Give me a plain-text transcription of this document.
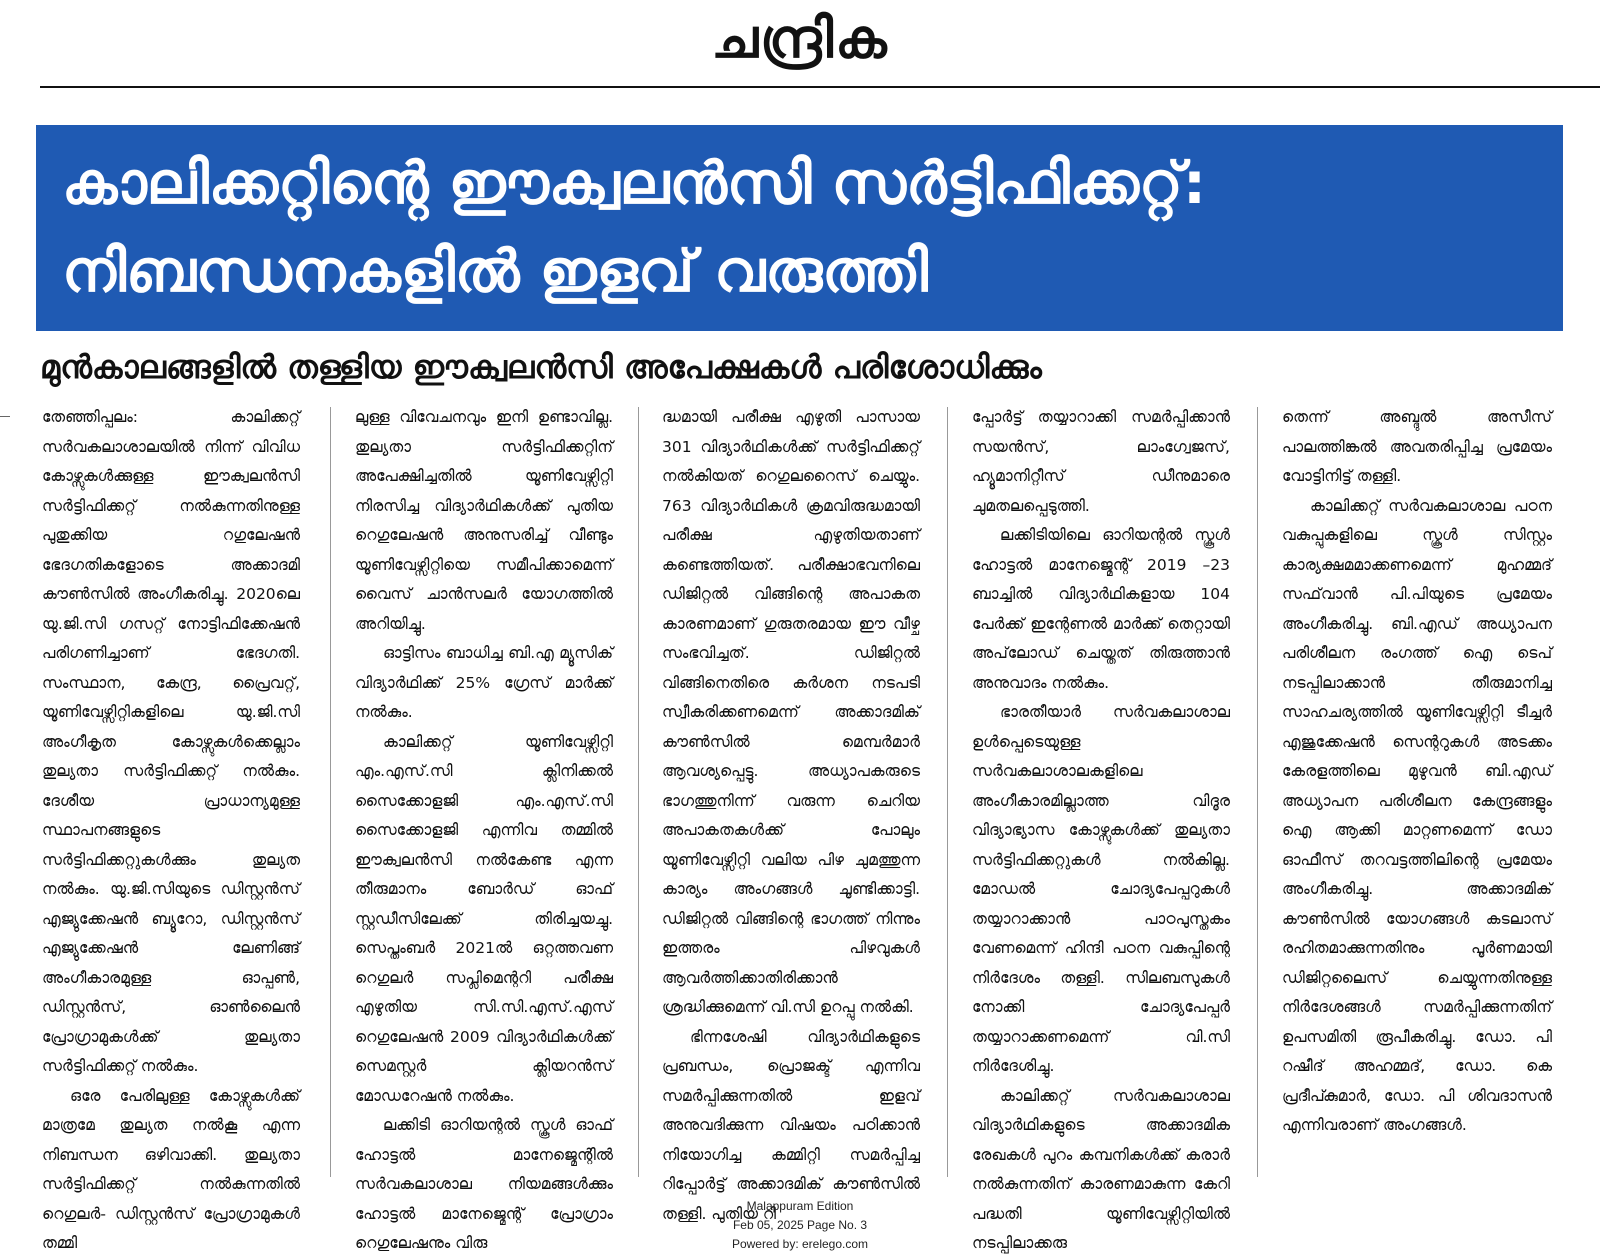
ചന്ദ്രിക
കാലിക്കറ്റിന്റെ ഈക്വലൻസി സർട്ടിഫിക്കറ്റ്:
നിബന്ധനകളിൽ ഇളവ് വരുത്തി
മുൻകാലങ്ങളിൽ തള്ളിയ ഈക്വലൻസി അപേക്ഷകൾ പരിശോധിക്കും

തേഞ്ഞിപ്പലം: കാലിക്കറ്റ് സർവകലാശാലയിൽ നിന്ന് വിവിധ കോഴ്സുകൾക്കുള്ള ഈക്വലൻസി സർട്ടിഫിക്കറ്റ് നൽകുന്നതിനുള്ള പുതുക്കിയ റഗുലേഷൻ ഭേദഗതികളോടെ അക്കാദമി കൗൺസിൽ അംഗീകരിച്ചു. 2020ലെ യു.ജി.സി ഗസറ്റ് നോട്ടിഫിക്കേഷൻ പരിഗണിച്ചാണ് ഭേദഗതി. സംസ്ഥാന, കേന്ദ്ര, പ്രൈവറ്റ്, യൂണിവേഴ്സിറ്റികളിലെ യു.ജി.സി അംഗീകൃത കോഴ്സുകൾക്കെല്ലാം തുല്യതാ സർട്ടിഫിക്കറ്റ് നൽകും. ദേശീയ പ്രാധാന്യമുള്ള സ്ഥാപനങ്ങളുടെ സർട്ടിഫിക്കറ്റുകൾക്കും തുല്യത നൽകും. യു.ജി.സിയുടെ ഡിസ്റ്റൻസ് എജ്യുക്കേഷൻ ബ്യൂറോ, ഡിസ്റ്റൻസ് എജ്യുക്കേഷൻ ലേണിങ്ങ് അംഗീകാരമുള്ള ഓപ്പൺ, ഡിസ്റ്റൻസ്, ഓൺലൈൻ പ്രോഗ്രാമുകൾക്ക് തുല്യതാ സർട്ടിഫിക്കറ്റ് നൽകും.

ഒരേ പേരിലുള്ള കോഴ്സുകൾക്ക് മാത്രമേ തുല്യത നൽകൂ എന്ന നിബന്ധന ഒഴിവാക്കി. തുല്യതാ സർട്ടിഫിക്കറ്റ് നൽകുന്നതിൽ റെഗുലർ- ഡിസ്റ്റൻസ് പ്രോഗ്രാമുകൾ തമ്മി

ലുള്ള വിവേചനവും ഇനി ഉണ്ടാവില്ല. തുല്യതാ സർട്ടിഫിക്കറ്റിന് അപേക്ഷിച്ചതിൽ യൂണിവേഴ്സിറ്റി നിരസിച്ച വിദ്യാർഥികൾക്ക് പുതിയ റെഗുലേഷൻ അനുസരിച്ച് വീണ്ടും യൂണിവേഴ്സിറ്റിയെ സമീപിക്കാമെന്ന് വൈസ് ചാൻസലർ യോഗത്തിൽ അറിയിച്ചു.

ഓട്ടിസം ബാധിച്ച ബി.എ മ്യൂസിക് വിദ്യാർഥിക്ക് 25% ഗ്രേസ് മാർക്ക് നൽകും.

കാലിക്കറ്റ് യൂണിവേഴ്സിറ്റി എം.എസ്.സി ക്ലിനിക്കൽ സൈക്കോളജി എം.എസ്.സി സൈക്കോളജി എന്നിവ തമ്മിൽ ഈക്വലൻസി നൽകേണ്ട എന്ന തീരുമാനം ബോർഡ് ഓഫ് സ്റ്റഡീസിലേക്ക് തിരിച്ചയച്ചു. സെപ്തംബർ 2021ൽ ഒറ്റത്തവണ റെഗുലർ സപ്ലിമെന്ററി പരീക്ഷ എഴുതിയ സി.സി.എസ്.എസ് റെഗുലേഷൻ 2009 വിദ്യാർഥികൾക്ക് സെമസ്റ്റർ ക്ലിയറൻസ് മോഡറേഷൻ നൽകും.

ലക്കിടി ഓറിയന്റൽ സ്കൂൾ ഓഫ് ഹോട്ടൽ മാനേജ്മെന്റിൽ സർവകലാശാല നിയമങ്ങൾക്കും ഹോട്ടൽ മാനേജ്മെന്റ് പ്രോഗ്രാം റെഗുലേഷനും വിരു

ദ്ധമായി പരീക്ഷ എഴുതി പാസായ 301 വിദ്യാർഥികൾക്ക് സർട്ടിഫിക്കറ്റ് നൽകിയത് റെഗുലറൈസ് ചെയ്യും. 763 വിദ്യാർഥികൾ ക്രമവിരുദ്ധമായി പരീക്ഷ എഴുതിയതാണ് കണ്ടെത്തിയത്. പരീക്ഷാഭവനിലെ ഡിജിറ്റൽ വിങ്ങിന്റെ അപാകത കാരണമാണ് ഗുരുതരമായ ഈ വീഴ്ച സംഭവിച്ചത്. ഡിജിറ്റൽ വിങ്ങിനെതിരെ കർശന നടപടി സ്വീകരിക്കണമെന്ന് അക്കാദമിക് കൗൺസിൽ മെമ്പർമാർ ആവശ്യപ്പെട്ടു. അധ്യാപകരുടെ ഭാഗത്തുനിന്ന് വരുന്ന ചെറിയ അപാകതകൾക്ക് പോലും യൂണിവേഴ്സിറ്റി വലിയ പിഴ ചുമത്തുന്ന കാര്യം അംഗങ്ങൾ ചൂണ്ടിക്കാട്ടി. ഡിജിറ്റൽ വിങ്ങിന്റെ ഭാഗത്ത് നിന്നും ഇത്തരം പിഴവുകൾ ആവർത്തിക്കാതിരിക്കാൻ ശ്രദ്ധിക്കുമെന്ന് വി.സി ഉറപ്പു നൽകി.

ഭിന്നശേഷി വിദ്യാർഥികളുടെ പ്രബന്ധം, പ്രൊജക്ട് എന്നിവ സമർപ്പിക്കുന്നതിൽ ഇളവ് അനുവദിക്കുന്ന വിഷയം പഠിക്കാൻ നിയോഗിച്ച കമ്മിറ്റി സമർപ്പിച്ച റിപ്പോർട്ട് അക്കാദമിക് കൗൺസിൽ തള്ളി. പുതിയ റി

പ്പോർട്ട് തയ്യാറാക്കി സമർപ്പിക്കാൻ സയൻസ്, ലാംഗ്വേജസ്, ഹ്യൂമാനിറ്റീസ് ഡീനുമാരെ ചുമതലപ്പെടുത്തി.

ലക്കിടിയിലെ ഓറിയന്റൽ സ്കൂൾ ഹോട്ടൽ മാനേജ്മെന്റ് 2019 –23 ബാച്ചിൽ വിദ്യാർഥികളായ 104 പേർക്ക് ഇന്റേണൽ മാർക്ക് തെറ്റായി അപ്‌ലോഡ് ചെയ്തത് തിരുത്താൻ അനുവാദം നൽകും.

ഭാരതീയാർ സർവകലാശാല ഉൾപ്പെടെയുള്ള സർവകലാശാലകളിലെ അംഗീകാരമില്ലാത്ത വിദൂര വിദ്യാഭ്യാസ കോഴ്സുകൾക്ക് തുല്യതാ സർട്ടിഫിക്കറ്റുകൾ നൽകില്ല. മോഡൽ ചോദ്യപേപ്പറുകൾ തയ്യാറാക്കാൻ പാഠപുസ്തകം വേണമെന്ന് ഹിന്ദി പഠന വകുപ്പിന്റെ നിർദേശം തള്ളി. സിലബസുകൾ നോക്കി ചോദ്യപേപ്പർ തയ്യാറാക്കണമെന്ന് വി.സി നിർദേശിച്ചു.

കാലിക്കറ്റ് സർവകലാശാല വിദ്യാർഥികളുടെ അക്കാദമിക രേഖകൾ പുറം കമ്പനികൾക്ക് കരാർ നൽകുന്നതിന് കാരണമാകുന്ന കേറി പദ്ധതി യൂണിവേഴ്സിറ്റിയിൽ നടപ്പിലാക്കരു

തെന്ന് അബ്ദുൽ അസീസ് പാലത്തിങ്കൽ അവതരിപ്പിച്ച പ്രമേയം വോട്ടിനിട്ട് തള്ളി.

കാലിക്കറ്റ് സർവകലാശാല പഠന വകുപ്പുകളിലെ സ്കൂൾ സിസ്റ്റം കാര്യക്ഷമമാക്കണമെന്ന് മുഹമ്മദ് സഫ്‌വാൻ പി.പിയുടെ പ്രമേയം അംഗീകരിച്ചു. ബി.എഡ് അധ്യാപന പരിശീലന രംഗത്ത് ഐ ടെപ് നടപ്പിലാക്കാൻ തീരുമാനിച്ച സാഹചര്യത്തിൽ യൂണിവേഴ്സിറ്റി ടീച്ചർ എജുക്കേഷൻ സെന്ററുകൾ അടക്കം കേരളത്തിലെ മുഴുവൻ ബി.എഡ് അധ്യാപന പരിശീലന കേന്ദ്രങ്ങളും ഐ ആക്കി മാറ്റണമെന്ന് ഡോ ഓഫീസ് തറവട്ടത്തിലിന്റെ പ്രമേയം അംഗീകരിച്ചു. അക്കാദമിക് കൗൺസിൽ യോഗങ്ങൾ കടലാസ് രഹിതമാക്കുന്നതിനും പൂർണമായി ഡിജിറ്റലൈസ് ചെയ്യുന്നതിനുള്ള നിർദേശങ്ങൾ സമർപ്പിക്കുന്നതിന് ഉപസമിതി രൂപീകരിച്ചു. ഡോ. പി റഷീദ് അഹമ്മദ്, ഡോ. കെ പ്രദീപ്കുമാർ, ഡോ. പി ശിവദാസൻ എന്നിവരാണ് അംഗങ്ങൾ.

Malappuram Edition
Feb 05, 2025 Page No. 3
Powered by: erelego.com
